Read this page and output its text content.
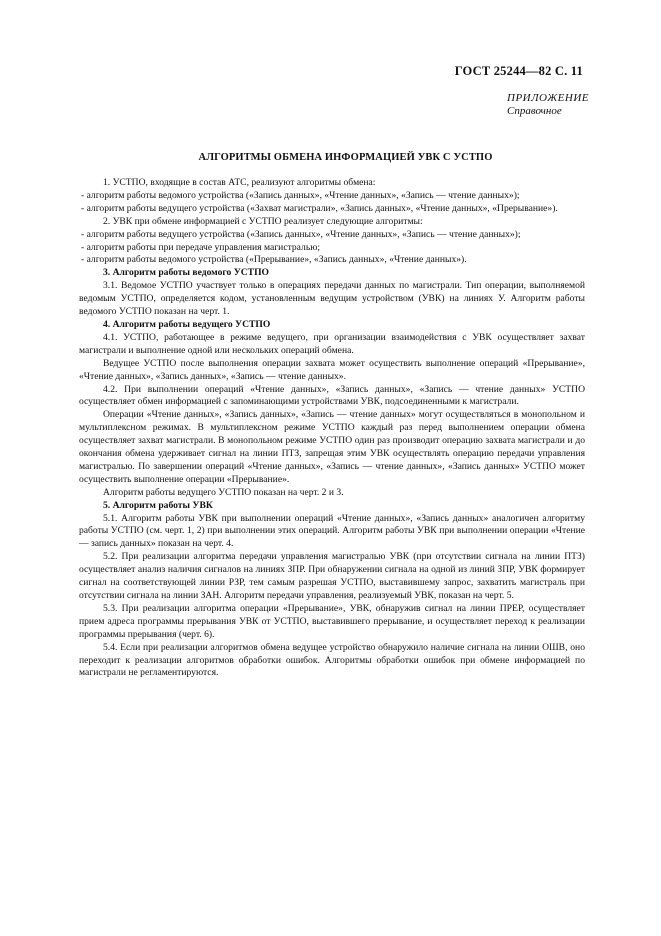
ГОСТ 25244—82 С. 11
ПРИЛОЖЕНИЕ
Справочное
АЛГОРИТМЫ ОБМЕНА ИНФОРМАЦИЕЙ УВК С УСТПО

1. УСТПО, входящие в состав АТС, реализуют алгоритмы обмена:

- алгоритм работы ведомого устройства («Запись данных», «Чтение данных», «Запись — чтение данных»);

- алгоритм работы ведущего устройства («Захват магистрали», «Запись данных», «Чтение данных», «Прерывание»).

2. УВК при обмене информацией с УСТПО реализует следующие алгоритмы:

- алгоритм работы ведущего устройства («Запись данных», «Чтение данных», «Запись — чтение данных»);

- алгоритм работы при передаче управления магистралью;

- алгоритм работы ведомого устройства («Прерывание», «Запись данных», «Чтение данных»).

3. Алгоритм работы ведомого УСТПО

3.1. Ведомое УСТПО участвует только в операциях передачи данных по магистрали. Тип операции, выполняемой ведомым УСТПО, определяется кодом, установленным ведущим устройством (УВК) на линиях У. Алгоритм работы ведомого УСТПО показан на черт. 1.

4. Алгоритм работы ведущего УСТПО

4.1. УСТПО, работающее в режиме ведущего, при организации взаимодействия с УВК осуществляет захват магистрали и выполнение одной или нескольких операций обмена.

Ведущее УСТПО после выполнения операции захвата может осуществить выполнение операций «Прерывание», «Чтение данных», «Запись данных», «Запись — чтение данных».

4.2. При выполнении операций «Чтение данных», «Запись данных», «Запись — чтение данных» УСТПО осуществляет обмен информацией с запоминающими устройствами УВК, подсоединенными к магистрали.

Операции «Чтение данных», «Запись данных», «Запись — чтение данных» могут осуществляться в монопольном и мультиплексном режимах. В мультиплексном режиме УСТПО каждый раз перед выполнением операции обмена осуществляет захват магистрали. В монопольном режиме УСТПО один раз производит операцию захвата магистрали и до окончания обмена удерживает сигнал на линии ПТЗ, запрещая этим УВК осуществлять операцию передачи управления магистралью. По завершении операций «Чтение данных», «Запись — чтение данных», «Запись данных» УСТПО может осуществить выполнение операции «Прерывание».

Алгоритм работы ведущего УСТПО показан на черт. 2 и 3.

5. Алгоритм работы УВК

5.1. Алгоритм работы УВК при выполнении операций «Чтение данных», «Запись данных» аналогичен алгоритму работы УСТПО (см. черт. 1, 2) при выполнении этих операций. Алгоритм работы УВК при выполнении операции «Чтение — запись данных» показан на черт. 4.

5.2. При реализации алгоритма передачи управления магистралью УВК (при отсутствии сигнала на линии ПТЗ) осуществляет анализ наличия сигналов на линиях ЗПР. При обнаружении сигнала на одной из линий ЗПР, УВК формирует сигнал на соответствующей линии РЗР, тем самым разрешая УСТПО, выставившему запрос, захватить магистраль при отсутствии сигнала на линии ЗАН. Алгоритм передачи управления, реализуемый УВК, показан на черт. 5.

5.3. При реализации алгоритма операции «Прерывание», УВК, обнаружив сигнал на линии ПРЕР, осуществляет прием адреса программы прерывания УВК от УСТПО, выставившего прерывание, и осуществляет переход к реализации программы прерывания (черт. 6).

5.4. Если при реализации алгоритмов обмена ведущее устройство обнаружило наличие сигнала на линии ОШВ, оно переходит к реализации алгоритмов обработки ошибок. Алгоритмы обработки ошибок при обмене информацией по магистрали не регламентируются.
